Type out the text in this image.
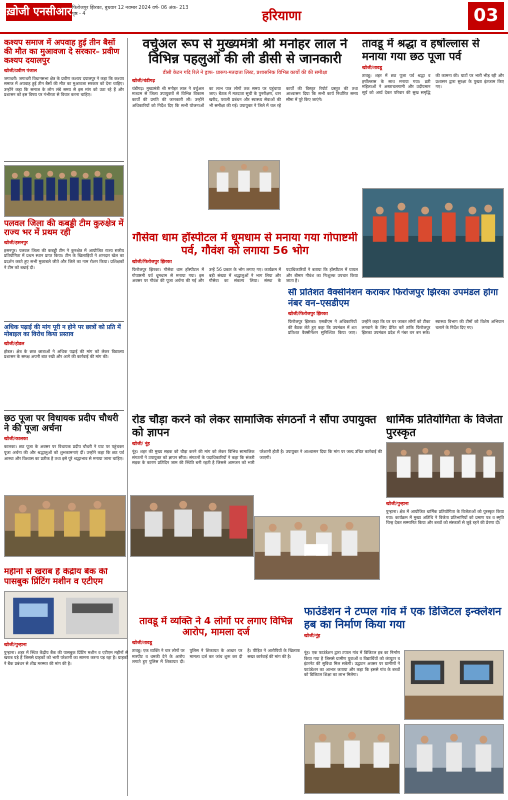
ख़ोजी एनसीआर फिरोजपुर झिरका, बुधवार 12 नवम्बर 2024 वर्ष- 06 अंक- 213 पृष्ठ - 4	हरियाणा	03
कश्यप समाज में अपवाह हुई तीन बैसों की मौत का मुआवजा दे सरकार– प्रवीण कश्यप दयालपुर
खोजी/प्रवीण पंजाल
जगाधरी। जगाधरी विधानसभा क्षेत्र के प्रवीण कश्यप दयालपुर ने कहा कि कश्यप समाज में अपवाह हुई तीन बैसों की मौत का मुआवजा सरकार को देना चाहिए। उन्होंने कहा कि समाज के लोग लंबे समय से इस मांग को उठा रहे हैं और प्रशासन को इस विषय पर गंभीरता से विचार करना चाहिए।
पलवल जिला की कबड्डी टीम कुरुक्षेत्र में राज्य भर में प्रथम रही
खोजी/हसनपुर
हसनपुर। पलवल जिला की कबड्डी टीम ने कुरुक्षेत्र में आयोजित राज्य स्तरीय प्रतियोगिता में प्रथम स्थान प्राप्त किया। टीम के खिलाड़ियों ने शानदार खेल का प्रदर्शन करते हुए सभी मुकाबले जीते और जिले का नाम रोशन किया। प्रशिक्षकों ने टीम को बधाई दी।
अधिक पढ़ाई की मांग पूरी न होने पर छात्रों को प्रति में मोबाइल का विरोध किया प्रस्ताव
खोजी/होडल
होडल। क्षेत्र के छात्र छात्राओं ने अधिक पढ़ाई की मांग को लेकर विद्यालय प्रशासन के समक्ष अपनी बात रखी और आगे की कार्रवाई की मांग की।
छठ पूजा पर विधायक प्रदीप चौधरी ने की पूजा अर्चना
खोजी/कालका
कालका। छठ पूजा के अवसर पर विधायक प्रदीप चौधरी ने घाट पर पहुंचकर पूजा अर्चना की और श्रद्धालुओं को शुभकामनाएं दीं। उन्होंने कहा कि छठ पर्व आस्था और विश्वास का प्रतीक है तथा इसे पूरे श्रद्धाभाव से मनाया जाना चाहिए।
महीनों से खराब है केंद्रीय बैंक की पासबुक प्रिंटिंग मशीन व एटीएम
खोजी/पुन्हाना
पुन्हाना। शहर में स्थित केंद्रीय बैंक की पासबुक प्रिंटिंग मशीन व एटीएम महीनों से खराब पड़े हैं जिससे ग्राहकों को भारी परेशानी का सामना करना पड़ रहा है। ग्राहकों ने बैंक प्रबंधन से शीघ्र मरम्मत की मांग की है।
वर्चुअल रूप से मुख्यमंत्री श्री मनोहर लाल ने विभिन्न पहलुओं की ली डीसी से जानकारी
डीसी केटन गदि रिले ने ड्राफ- प्रारूप-मतदाता लिस्ट, प्रशासनिक विभिन्न कार्यों की की समीक्षा
खोजी/चंडीगढ़
चंडीगढ़। मुख्यमंत्री श्री मनोहर लाल ने वर्चुअल माध्यम से जिला उपायुक्तों से विभिन्न विकास कार्यों की प्रगति की जानकारी ली। उन्होंने अधिकारियों को निर्देश दिए कि सभी योजनाओं का लाभ पात्र लोगों तक समय पर पहुंचाया जाए। बैठक में मतदाता सूची के पुनरीक्षण, धान खरीद, पराली प्रबंधन और स्वास्थ्य सेवाओं की भी समीक्षा की गई। उपायुक्त ने जिले में चल रहे कार्यों की विस्तृत रिपोर्ट प्रस्तुत की तथा आश्वासन दिया कि सभी कार्य निर्धारित समय सीमा में पूरे किए जाएंगे।
तावडू में श्रद्धा व हर्षोल्लास से मनाया गया छठ पूजा पर्व
खोजी/तावडू
तावडू। शहर में छठ पूजा पर्व श्रद्धा व हर्षोल्लास के साथ मनाया गया। व्रती महिलाओं ने अस्ताचलगामी और उदीयमान सूर्य को अर्घ्य देकर परिवार की सुख समृद्धि की कामना की। घाटों पर भारी भीड़ रही और प्रशासन द्वारा सुरक्षा के पुख्ता इंतजाम किए गए।
गौसेवा धाम हॉस्पीटल में धूमधाम से मनाया गया गोपाष्टमी पर्व, गौवंश को लगाया 56 भोग
खोजी/फिरोजपुर झिरका
फिरोजपुर झिरका। गौसेवा धाम हॉस्पीटल में गोपाष्टमी पर्व धूमधाम से मनाया गया। इस अवसर पर गौवंश की पूजा अर्चना की गई और उन्हें 56 प्रकार के भोग लगाए गए। कार्यक्रम में बड़ी संख्या में श्रद्धालुओं ने भाग लिया और गौसेवा का संकल्प लिया। संस्था के पदाधिकारियों ने बताया कि हॉस्पीटल में घायल और बीमार गौवंश का निःशुल्क उपचार किया जाता है।
सौ प्रतिशत वैक्सीनेशन कराकर फिरोजपुर झिरका उपमंडल होगा नंबर वन–एसडीएम
खोजी/फिरोजपुर झिरका
फिरोजपुर झिरका। एसडीएम ने अधिकारियों की बैठक लेते हुए कहा कि उपमंडल में शत प्रतिशत वैक्सीनेशन सुनिश्चित किया जाए। उन्होंने कहा कि घर घर जाकर लोगों को टीका लगवाने के लिए प्रेरित करें ताकि फिरोजपुर झिरका उपमंडल प्रदेश में नंबर वन बन सके। स्वास्थ्य विभाग की टीमों को विशेष अभियान चलाने के निर्देश दिए गए।
रोड चौड़ा करने को लेकर सामाजिक संगठनों ने सौंपा उपायुक्त को ज्ञापन
खोजी/ नूंह
नूंह। शहर की मुख्य सड़क को चौड़ा करने की मांग को लेकर विभिन्न सामाजिक संगठनों ने उपायुक्त को ज्ञापन सौंपा। संगठनों के पदाधिकारियों ने कहा कि संकरी सड़क के कारण प्रतिदिन जाम की स्थिति बनी रहती है जिससे आमजन को भारी परेशानी होती है। उपायुक्त ने आश्वासन दिया कि मांग पर जल्द उचित कार्रवाई की जाएगी।
धार्मिक प्रतियोगिता के विजेता पुरस्कृत
खोजी/पुन्हाना
पुन्हाना। क्षेत्र में आयोजित धार्मिक प्रतियोगिता के विजेताओं को पुरस्कृत किया गया। कार्यक्रम में मुख्य अतिथि ने विजेता प्रतिभागियों को प्रमाण पत्र व स्मृति चिन्ह देकर सम्मानित किया और बच्चों को संस्कारों से जुड़े रहने की प्रेरणा दी।
तावडू में व्यक्ति ने 4 लोगों पर लगाए विभिन्न आरोप, मामला दर्ज
खोजी/तावडू
तावडू। एक व्यक्ति ने चार लोगों पर मारपीट व धमकी देने के आरोप लगाते हुए पुलिस में शिकायत दी। पुलिस ने शिकायत के आधार पर मामला दर्ज कर जांच शुरू कर दी है। पीड़ित ने आरोपियों के खिलाफ सख्त कार्रवाई की मांग की है।
फाउंडेशन ने टप्पल गांव में एक डिजिटल इन्क्लेशन हब का निर्माण किया गया
खोजी/नूंह
नूंह। एक फाउंडेशन द्वारा टप्पल गांव में डिजिटल हब का निर्माण किया गया है जिससे ग्रामीण युवाओं व विद्यार्थियों को कंप्यूटर व इंटरनेट की सुविधा मिल सकेगी। उद्घाटन अवसर पर ग्रामीणों ने फाउंडेशन का आभार जताया और कहा कि इससे गांव के बच्चों को डिजिटल शिक्षा का लाभ मिलेगा।
